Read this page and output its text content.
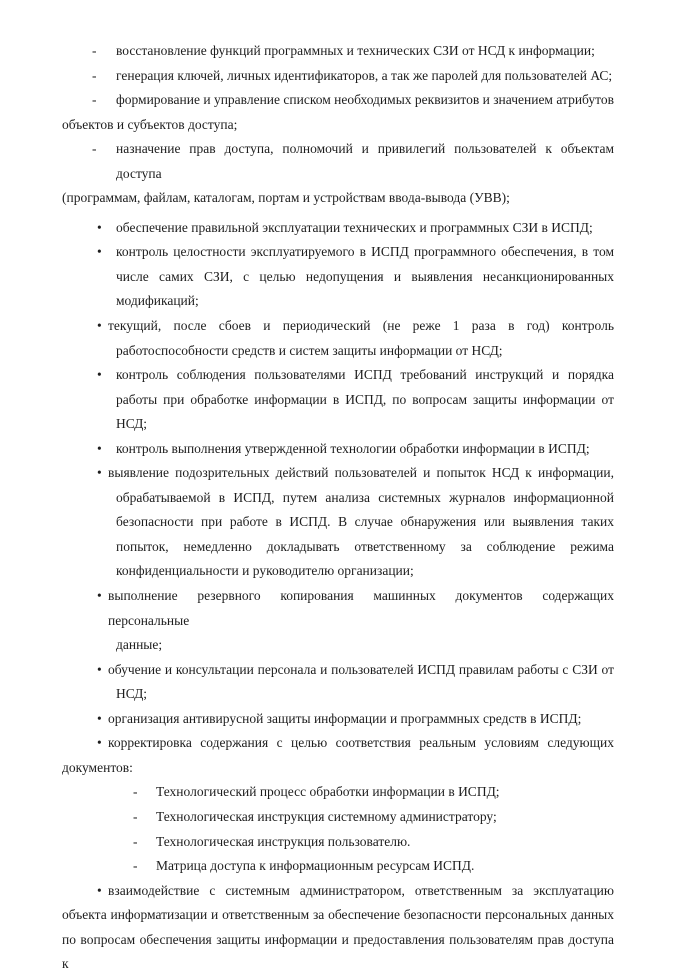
- восстановление функций программных и технических СЗИ от НСД к информации;
- генерация ключей, личных идентификаторов, а так же паролей для пользователей АС;
- формирование и управление списком необходимых реквизитов и значением атрибутов
объектов и субъектов доступа;
- назначение прав доступа, полномочий и привилегий пользователей к объектам доступа
(программам, файлам, каталогам, портам и устройствам ввода-вывода (УВВ);
• обеспечение правильной эксплуатации технических и программных СЗИ в ИСПД;
• контроль целостности эксплуатируемого в ИСПД программного обеспечения, в том
числе самих СЗИ, с целью недопущения и выявления несанкционированных
модификаций;
• текущий, после сбоев и периодический (не реже 1 раза в год) контроль
работоспособности средств и систем защиты информации от НСД;
• контроль соблюдения пользователями ИСПД требований инструкций и порядка
работы при обработке информации в ИСПД, по вопросам защиты информации от
НСД;
• контроль выполнения утвержденной технологии обработки информации в ИСПД;
• выявление подозрительных действий пользователей и попыток НСД к информации,
обрабатываемой в ИСПД, путем анализа системных журналов информационной
безопасности при работе в ИСПД. В случае обнаружения или выявления таких
попыток, немедленно докладывать ответственному за соблюдение режима
конфиденциальности и руководителю организации;
• выполнение резервного копирования машинных документов содержащих персональные
данные;
• обучение и консультации персонала и пользователей ИСПД правилам работы с СЗИ от
НСД;
• организация антивирусной защиты информации и программных средств в ИСПД;
• корректировка содержания с целью соответствия реальным условиям следующих
документов:
- Технологический процесс обработки информации в ИСПД;
- Технологическая инструкция системному администратору;
- Технологическая инструкция пользователю.
- Матрица доступа к информационным ресурсам ИСПД.
• взаимодействие с системным администратором, ответственным за эксплуатацию
объекта информатизации и ответственным за обеспечение безопасности персональных данных
по вопросам обеспечения защиты информации и предоставления пользователям прав доступа к
